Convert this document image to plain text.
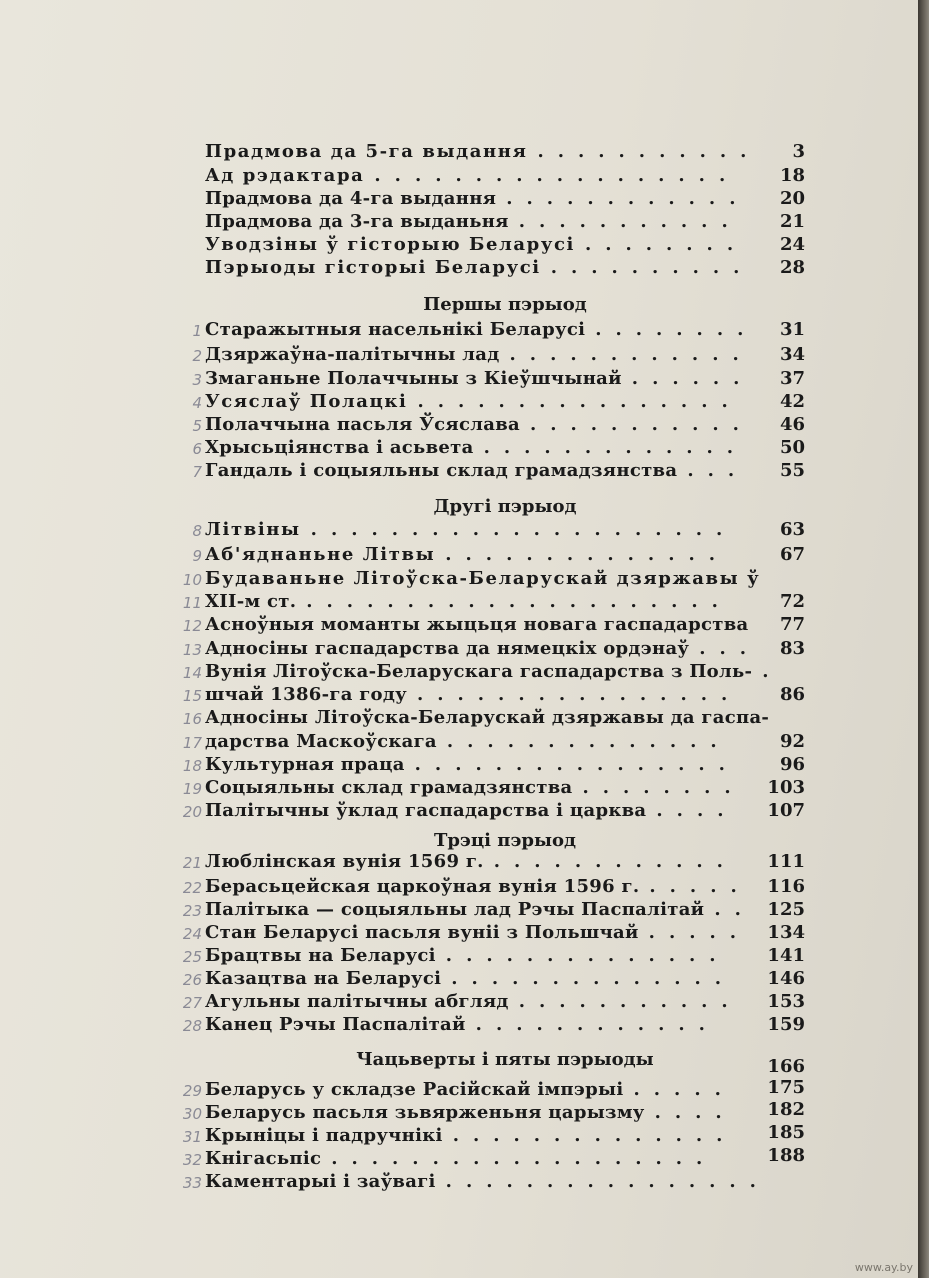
Прадмова да 5-га выдання	3
...........
Ад рэдактара	18
..................
Прадмова да 4-га выдання	20
............
Прадмова да 3-га выданьня	21
...........
Уводзіны ў гісторыю Беларусі	24
........
Пэрыоды гісторыі Беларусі	28
..........
Першы пэрыод
1 Старажытныя насельнікі Беларусі	31
........
2 Дзяржаўна-палітычны лад	34
............
3 Змаганьне Полаччыны з Кіеўшчынай	37
......
4 Усяслаў Полацкі	42
................
5 Полаччына пасьля Ўсяслава	46
...........
6 Хрысьціянства і асьвета	50
.............
7 Гандаль і соцыяльны склад грамадзянства	55
...
Другі пэрыод
8 Літвіны	63
.....................
9 Аб'яднаньне Літвы	67
..............
10 Будаваньне Літоўска-Беларускай дзяржавы ў
11 XII-м ст.	72
.....................
12 Асноўныя моманты жыцьця новага гаспадарства 77
13 Адносіны гаспадарства да нямецкіх ордэнаў	83
...
14 Вунія Літоўска-Беларускага гаспадарства з Поль- .
15 шчай 1386-га году	86
................
16 Адносіны Літоўска-Беларускай дзяржавы да гаспа-
17 дарства Маскоўскага	92
..............
18 Культурная праца	96
................
19 Соцыяльны склад грамадзянства	103
........
20 Палітычны ўклад гаспадарства і царква	107
....
Трэці пэрыод
21 Люблінская вунія 1569 г.	111
............
22 Берасьцейская царкоўная вунія 1596 г.	116
.....
23 Палітыка — соцыяльны лад Рэчы Паспалітай	125
..
24 Стан Беларусі пасьля вуніі з Польшчай	134
.....
25 Брацтвы на Беларусі	141
..............
26 Казацтва на Беларусі	146
..............
27 Агульны палітычны абгляд	153
...........
28 Канец Рэчы Паспалітай	159
............
Чацьверты і пяты пэрыоды	166
29 Беларусь у складзе Расійскай імпэрыі	175
.....
30 Беларусь пасьля зьвярженьня царызму	182
....
31 Крыніцы і падручнікі	185
..............
32 Кнігасьпіс	188
...................
33 Каментарыі і заўвагі ................
www.ay.by
